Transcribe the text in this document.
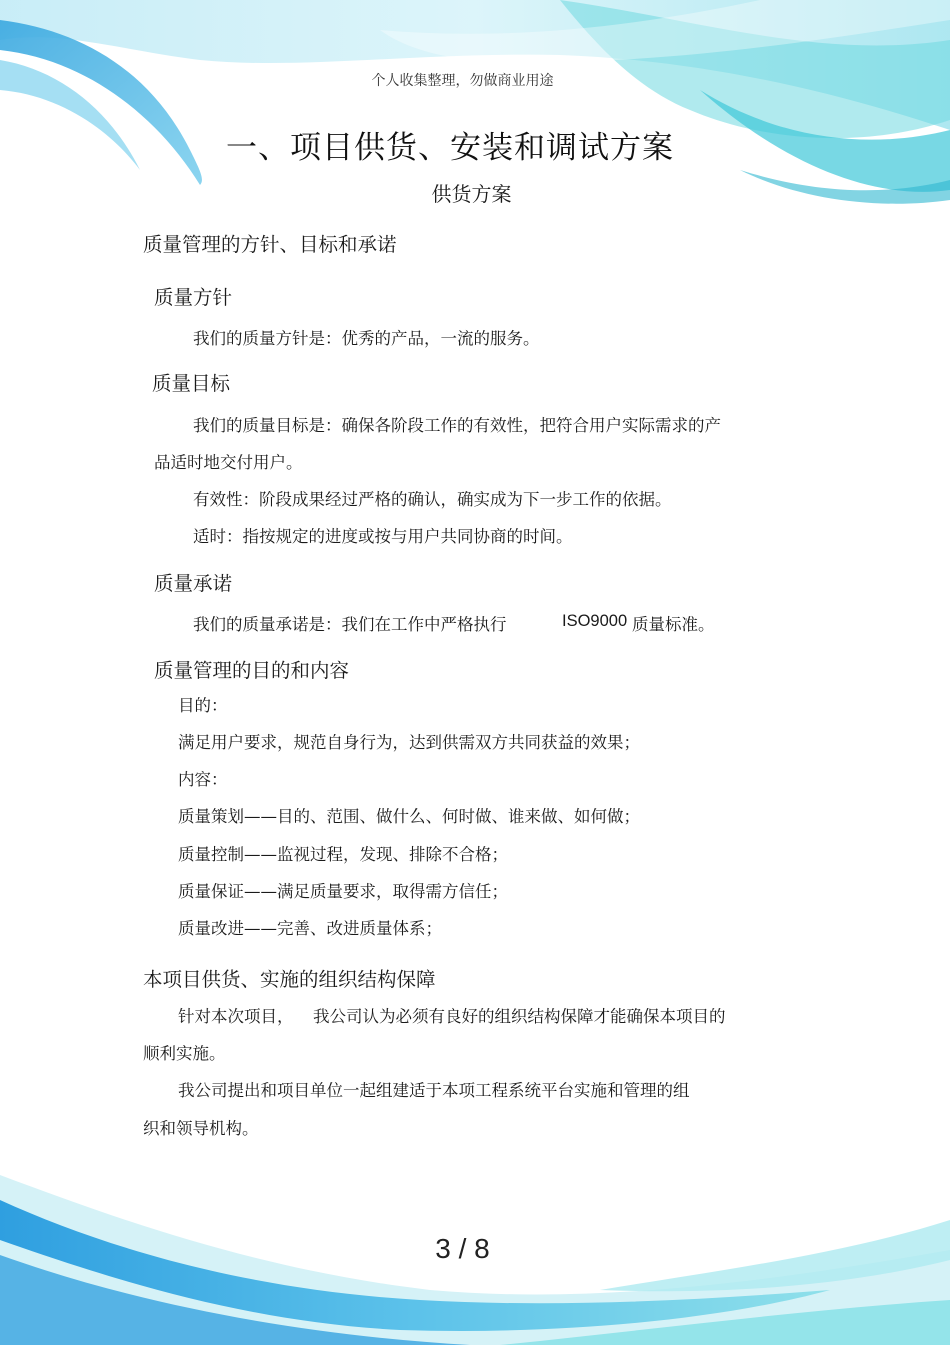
个人收集整理，勿做商业用途
一、项目供货、安装和调试方案
供货方案
质量管理的方针、目标和承诺
质量方针
我们的质量方针是：优秀的产品，一流的服务。
质量目标
我们的质量目标是：确保各阶段工作的有效性，把符合用户实际需求的产
品适时地交付用户。
有效性：阶段成果经过严格的确认，确实成为下一步工作的依据。
适时：指按规定的进度或按与用户共同协商的时间。
质量承诺
我们的质量承诺是：我们在工作中严格执行	ISO9000 质量标准。
质量管理的目的和内容
目的：
满足用户要求，规范自身行为，达到供需双方共同获益的效果；
内容：
质量策划——目的、范围、做什么、何时做、谁来做、如何做；
质量控制——监视过程，发现、排除不合格；
质量保证——满足质量要求，取得需方信任；
质量改进——完善、改进质量体系；
本项目供货、实施的组织结构保障
针对本次项目， 我公司认为必须有良好的组织结构保障才能确保本项目的
顺利实施。
我公司提出和项目单位一起组建适于本项工程系统平台实施和管理的组
织和领导机构。
3 / 8
